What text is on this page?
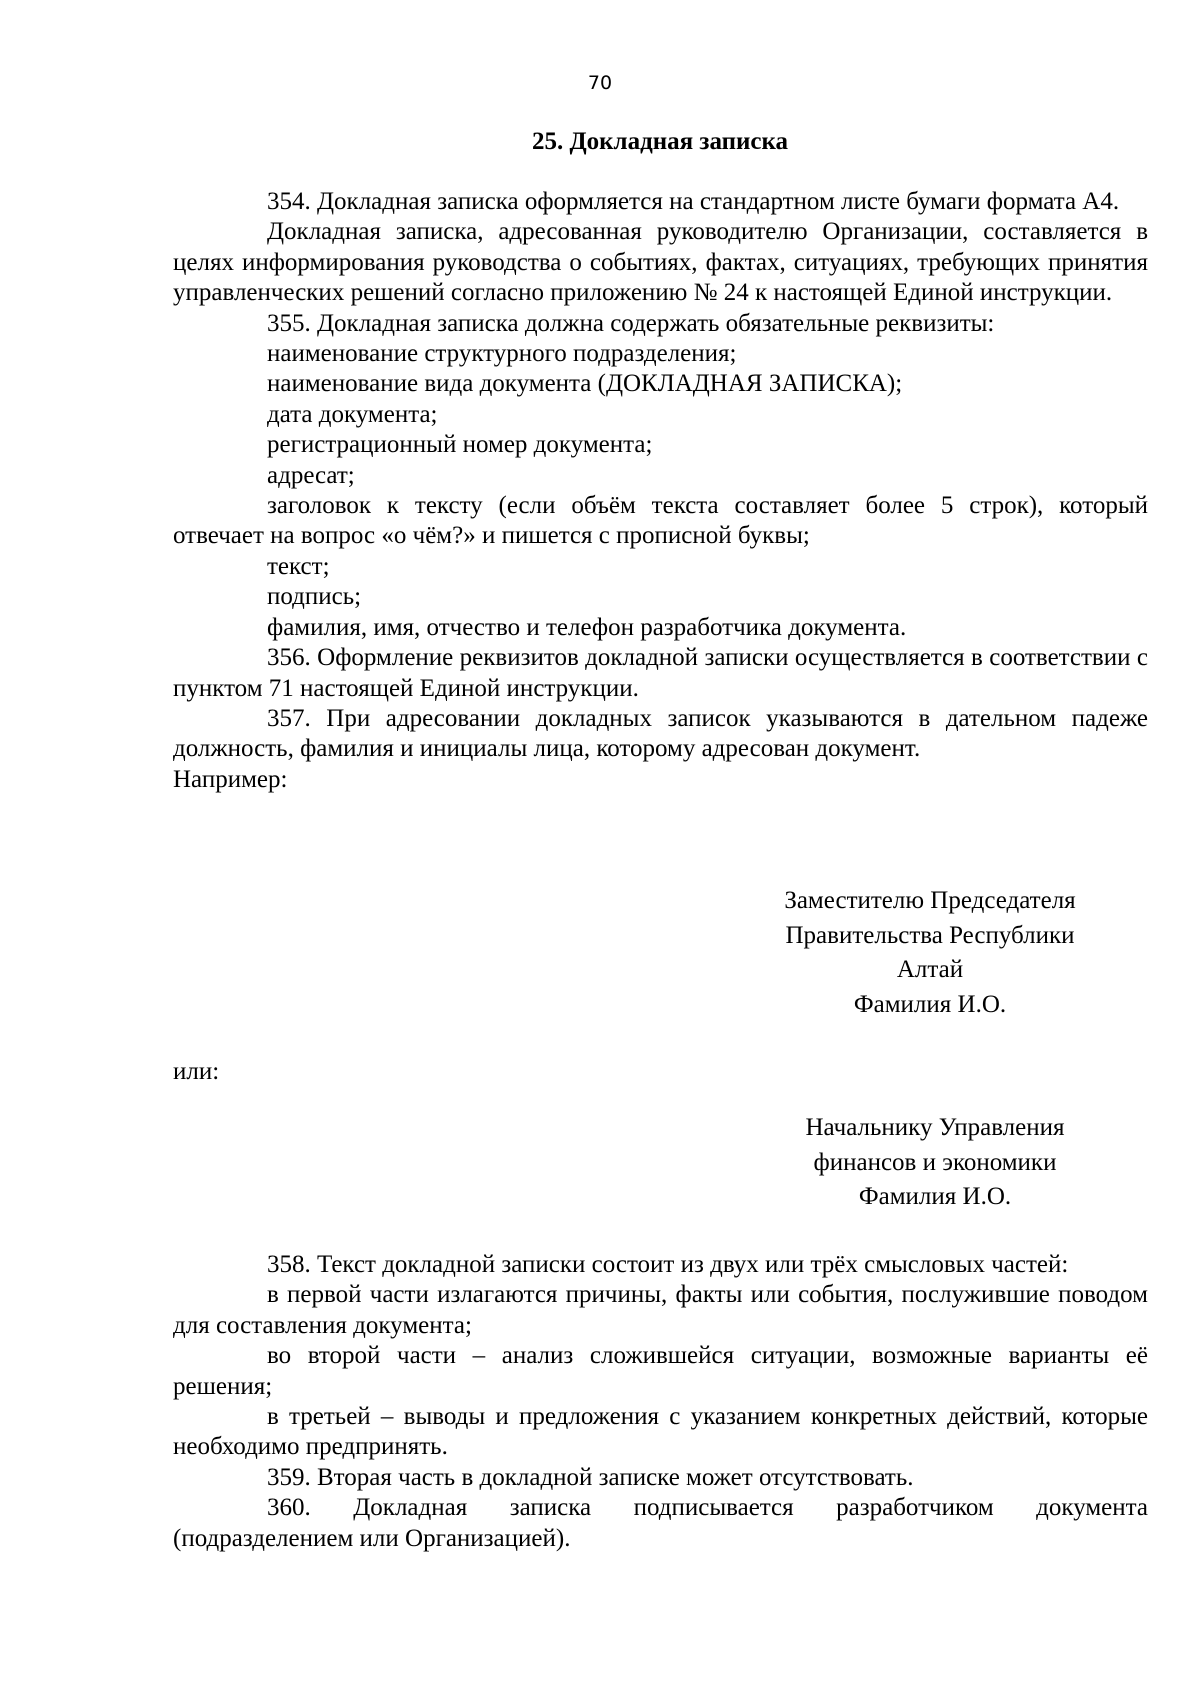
70
25. Докладная записка

354. Докладная записка оформляется на стандартном листе бумаги формата А4.

Докладная записка, адресованная руководителю Организации, составляется в целях информирования руководства о событиях, фактах, ситуациях, требующих принятия управленческих решений согласно приложению № 24 к настоящей Единой инструкции.

355. Докладная записка должна содержать обязательные реквизиты:

наименование структурного подразделения;

наименование вида документа (ДОКЛАДНАЯ ЗАПИСКА);

дата документа;

регистрационный номер документа;

адресат;

заголовок к тексту (если объём текста составляет более 5 строк), который отвечает на вопрос «о чём?» и пишется с прописной буквы;

текст;

подпись;

фамилия, имя, отчество и телефон разработчика документа.

356. Оформление реквизитов докладной записки осуществляется в соответствии с пунктом 71 настоящей Единой инструкции.

357. При адресовании докладных записок указываются в дательном падеже должность, фамилия и инициалы лица, которому адресован документ.

Например:

Заместителю Председателя
Правительства Республики
Алтай
Фамилия И.О.
или:
Начальнику Управления
финансов и экономики
Фамилия И.О.

358. Текст докладной записки состоит из двух или трёх смысловых частей:

в первой части излагаются причины, факты или события, послужившие поводом для составления документа;

во второй части – анализ сложившейся ситуации, возможные варианты её решения;

в третьей – выводы и предложения с указанием конкретных действий, которые необходимо предпринять.

359. Вторая часть в докладной записке может отсутствовать.

360. Докладная записка подписывается разработчиком документа (подразделением или Организацией).
